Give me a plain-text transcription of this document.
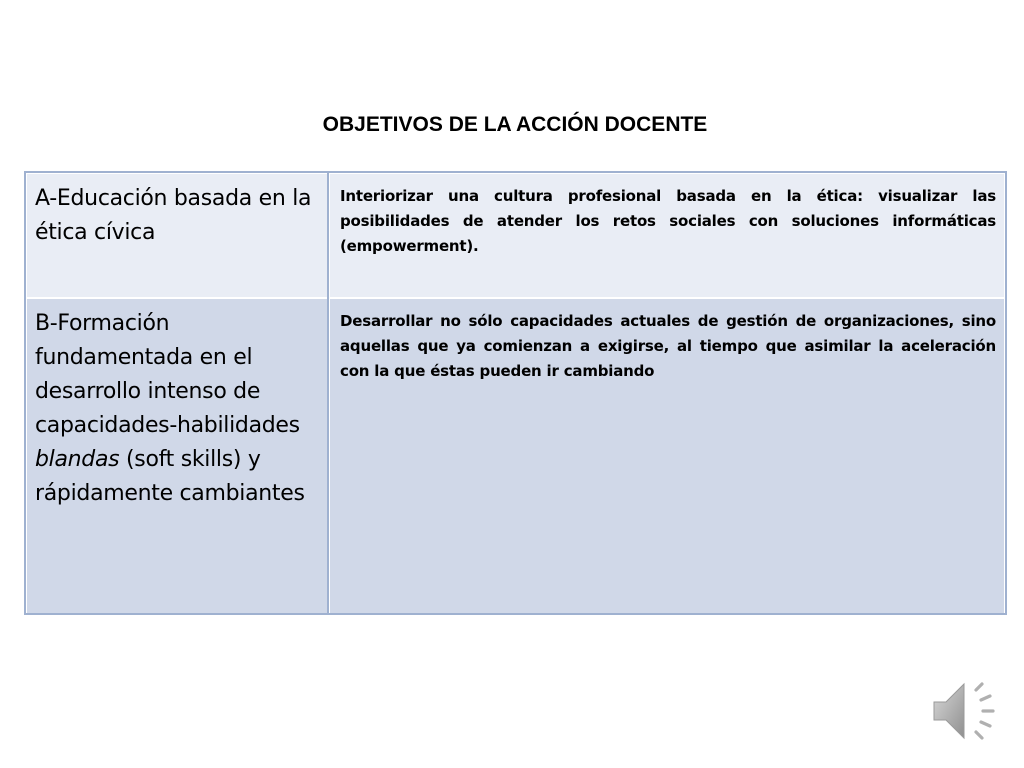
OBJETIVOS DE LA ACCIÓN DOCENTE
A-Educación basada en la ética cívica	Interiorizar una cultura profesional basada en la ética: visualizar las posibilidades de atender los retos sociales con soluciones informáticas (empowerment).
B-Formación fundamentada en el desarrollo intenso de capacidades-habilidades blandas (soft skills) y rápidamente cambiantes	Desarrollar no sólo capacidades actuales de gestión de organizaciones, sino aquellas que ya comienzan a exigirse, al tiempo que asimilar la aceleración con la que éstas pueden ir cambiando
